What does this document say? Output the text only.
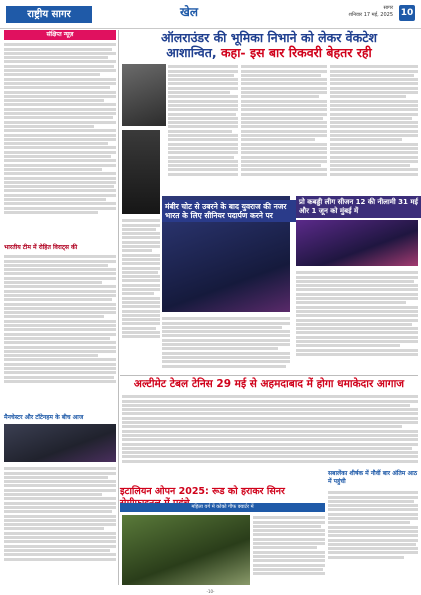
राष्ट्रीय सागर	खेल	सागर
शनिवार 17 मई, 2025 10
संक्षिप्त न्यूज़
भारतीय टीम में रोहित विराट्स की
मैनचेस्टर और टॉटेनहम के बीच आज
ऑलराउंडर की भूमिका निभाने को लेकर वेंकटेश
आशान्वित, कहा- इस बार रिकवरी बेहतर रही
मंबीर चोट से उबरने के बाद युवराज की नजर भारत के लिए सीनियर पदार्पण करने पर
प्रो कबड्डी लीग सीजन 12 की नीलामी 31 मई और 1 जून को मुंबई में
अल्टीमेट टेबल टेनिस 29 मई से अहमदाबाद में होगा धमाकेदार आगाज
इटालियन ओपन 2025: रूड को हराकर सिनर
महिला वर्ग में कोको गौफ क्वार्टर में
सबालेंका शीर्षक में नौवीं बार अंतिम आठ में पहुंची
-10-
